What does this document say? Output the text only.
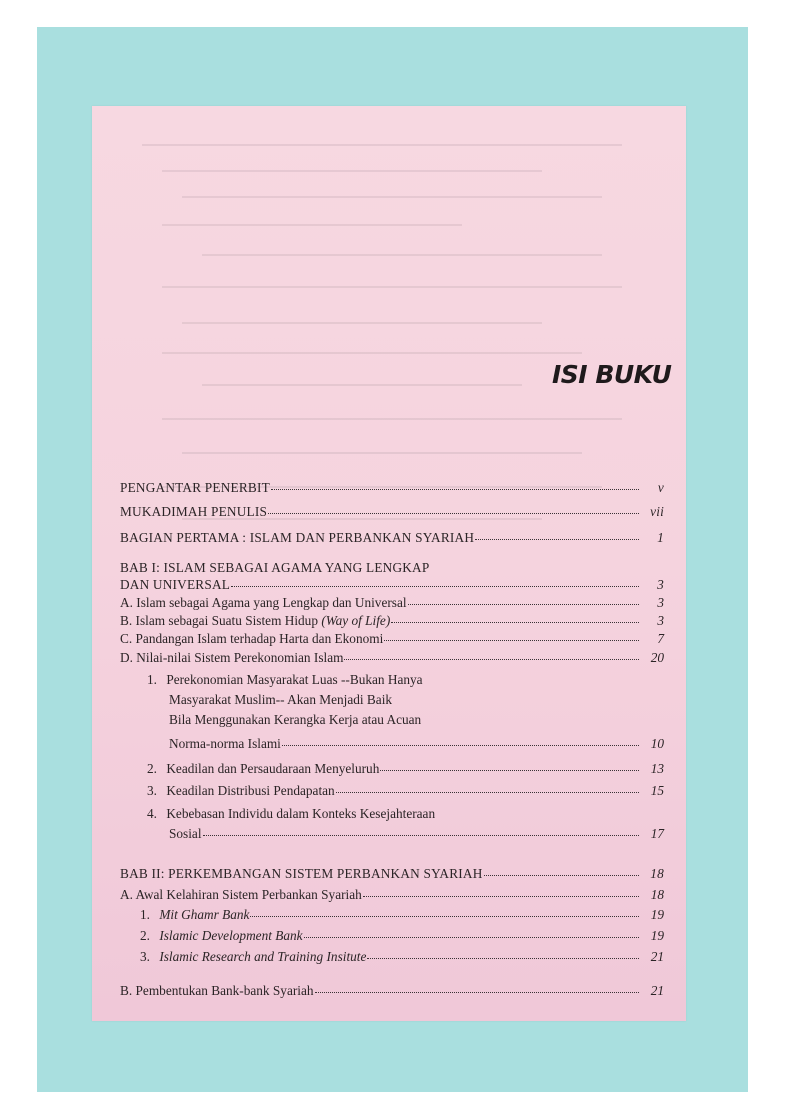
ISI BUKU
PENGANTAR PENERBIT	v
MUKADIMAH PENULIS	vii
BAGIAN PERTAMA : ISLAM DAN PERBANKAN SYARIAH	1
BAB I: ISLAM SEBAGAI AGAMA YANG LENGKAP
DAN UNIVERSAL	3
A. Islam sebagai Agama yang Lengkap dan Universal	3
B. Islam sebagai Suatu Sistem Hidup (Way of Life)	3
C. Pandangan Islam terhadap Harta dan Ekonomi	7
D. Nilai-nilai Sistem Perekonomian Islam	20
1. Perekonomian Masyarakat Luas --Bukan Hanya
Masyarakat Muslim-- Akan Menjadi Baik
Bila Menggunakan Kerangka Kerja atau Acuan
Norma-norma Islami	10
2. Keadilan dan Persaudaraan Menyeluruh	13
3. Keadilan Distribusi Pendapatan	15
4. Kebebasan Individu dalam Konteks Kesejahteraan
Sosial	17
BAB II: PERKEMBANGAN SISTEM PERBANKAN SYARIAH	18
A. Awal Kelahiran Sistem Perbankan Syariah	18
1. Mit Ghamr Bank	19
2. Islamic Development Bank	19
3. Islamic Research and Training Insitute	21
B. Pembentukan Bank-bank Syariah	21
